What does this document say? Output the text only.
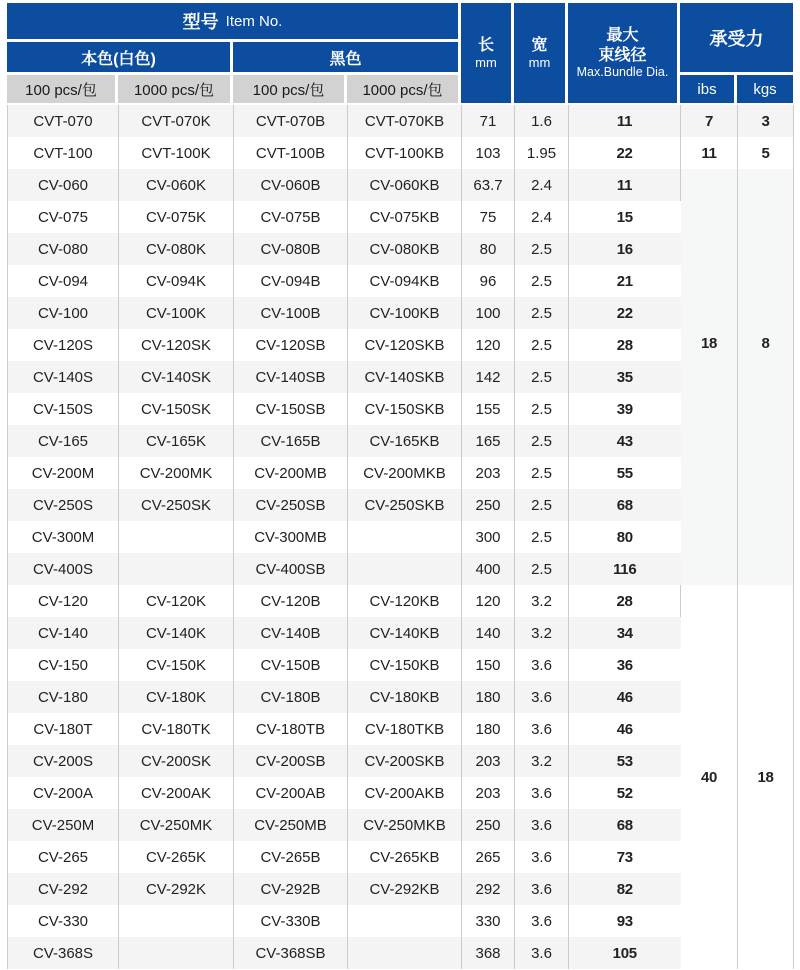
型号 Item No.
本色(白色)	黑色
100 pcs/包	1000 pcs/包	100 pcs/包	1000 pcs/包
长
mm
宽
mm
最大
束线径
Max.Bundle Dia.
承受力
ibs	kgs
CVT-070	CVT-070K	CVT-070B	CVT-070KB	71	1.6	11	7	3
CVT-100	CVT-100K	CVT-100B	CVT-100KB	103	1.95	22	11	5
CV-060	CV-060K	CV-060B	CV-060KB	63.7	2.4	11	18	8
CV-075	CV-075K	CV-075B	CV-075KB	75	2.4	15		
CV-080	CV-080K	CV-080B	CV-080KB	80	2.5	16		
CV-094	CV-094K	CV-094B	CV-094KB	96	2.5	21		
CV-100	CV-100K	CV-100B	CV-100KB	100	2.5	22		
CV-120S	CV-120SK	CV-120SB	CV-120SKB	120	2.5	28		
CV-140S	CV-140SK	CV-140SB	CV-140SKB	142	2.5	35		
CV-150S	CV-150SK	CV-150SB	CV-150SKB	155	2.5	39		
CV-165	CV-165K	CV-165B	CV-165KB	165	2.5	43		
CV-200M	CV-200MK	CV-200MB	CV-200MKB	203	2.5	55		
CV-250S	CV-250SK	CV-250SB	CV-250SKB	250	2.5	68		
CV-300M		CV-300MB		300	2.5	80		
CV-400S		CV-400SB		400	2.5	116		
CV-120	CV-120K	CV-120B	CV-120KB	120	3.2	28	40	18
CV-140	CV-140K	CV-140B	CV-140KB	140	3.2	34		
CV-150	CV-150K	CV-150B	CV-150KB	150	3.6	36		
CV-180	CV-180K	CV-180B	CV-180KB	180	3.6	46		
CV-180T	CV-180TK	CV-180TB	CV-180TKB	180	3.6	46		
CV-200S	CV-200SK	CV-200SB	CV-200SKB	203	3.2	53		
CV-200A	CV-200AK	CV-200AB	CV-200AKB	203	3.6	52		
CV-250M	CV-250MK	CV-250MB	CV-250MKB	250	3.6	68		
CV-265	CV-265K	CV-265B	CV-265KB	265	3.6	73		
CV-292	CV-292K	CV-292B	CV-292KB	292	3.6	82		
CV-330		CV-330B		330	3.6	93		
CV-368S		CV-368SB		368	3.6	105		
